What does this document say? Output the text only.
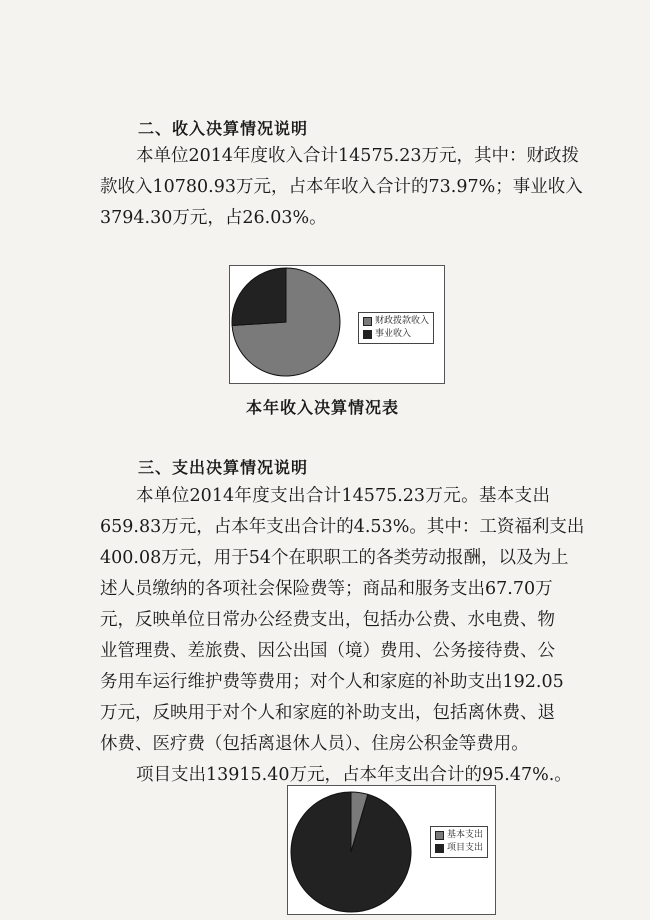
二、收入决算情况说明
本单位2014年度收入合计14575.23万元，其中：财政拨
款收入10780.93万元，占本年收入合计的73.97%；事业收入
3794.30万元，占26.03%。
财政拨款收入
事业收入
本年收入决算情况表
三、支出决算情况说明
本单位2014年度支出合计14575.23万元。基本支出
659.83万元，占本年支出合计的4.53%。其中：工资福利支出
400.08万元，用于54个在职职工的各类劳动报酬，以及为上
述人员缴纳的各项社会保险费等；商品和服务支出67.70万
元，反映单位日常办公经费支出，包括办公费、水电费、物
业管理费、差旅费、因公出国（境）费用、公务接待费、公
务用车运行维护费等费用；对个人和家庭的补助支出192.05
万元，反映用于对个人和家庭的补助支出，包括离休费、退
休费、医疗费（包括离退休人员）、住房公积金等费用。
项目支出13915.40万元，占本年支出合计的95.47%.。
基本支出
项目支出
